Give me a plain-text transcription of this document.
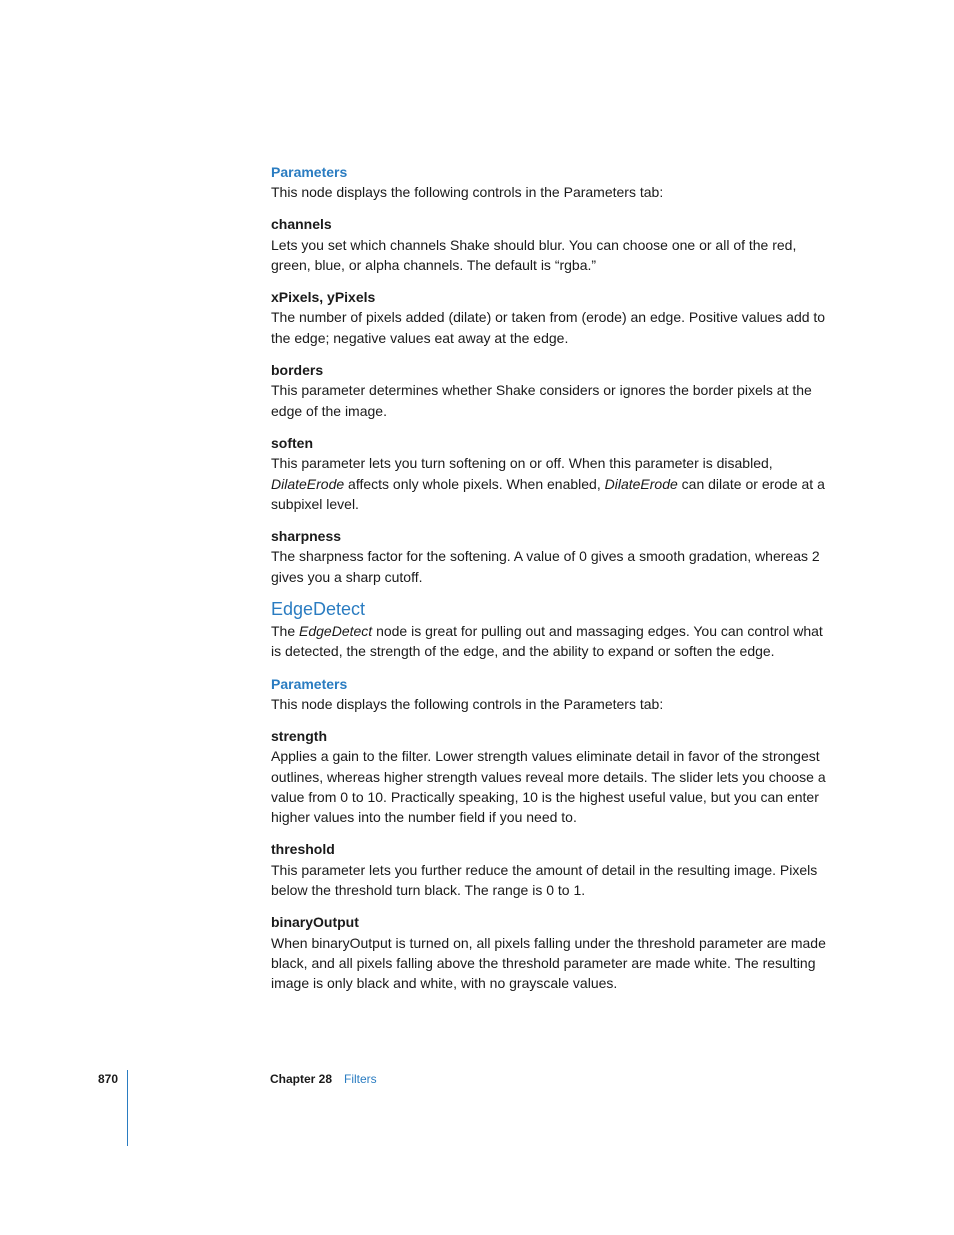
Parameters

This node displays the following controls in the Parameters tab:

channels

Lets you set which channels Shake should blur. You can choose one or all of the red, green, blue, or alpha channels. The default is “rgba.”

xPixels, yPixels

The number of pixels added (dilate) or taken from (erode) an edge. Positive values add to the edge; negative values eat away at the edge.

borders

This parameter determines whether Shake considers or ignores the border pixels at the edge of the image.

soften

This parameter lets you turn softening on or off. When this parameter is disabled, DilateErode affects only whole pixels. When enabled, DilateErode can dilate or erode at a subpixel level.

sharpness

The sharpness factor for the softening. A value of 0 gives a smooth gradation, whereas 2 gives you a sharp cutoff.

EdgeDetect

The EdgeDetect node is great for pulling out and massaging edges. You can control what is detected, the strength of the edge, and the ability to expand or soften the edge.

Parameters

This node displays the following controls in the Parameters tab:

strength

Applies a gain to the filter. Lower strength values eliminate detail in favor of the strongest outlines, whereas higher strength values reveal more details. The slider lets you choose a value from 0 to 10. Practically speaking, 10 is the highest useful value, but you can enter higher values into the number field if you need to.

threshold

This parameter lets you further reduce the amount of detail in the resulting image. Pixels below the threshold turn black. The range is 0 to 1.

binaryOutput

When binaryOutput is turned on, all pixels falling under the threshold parameter are made black, and all pixels falling above the threshold parameter are made white. The resulting image is only black and white, with no grayscale values.

870	Chapter 28 Filters
